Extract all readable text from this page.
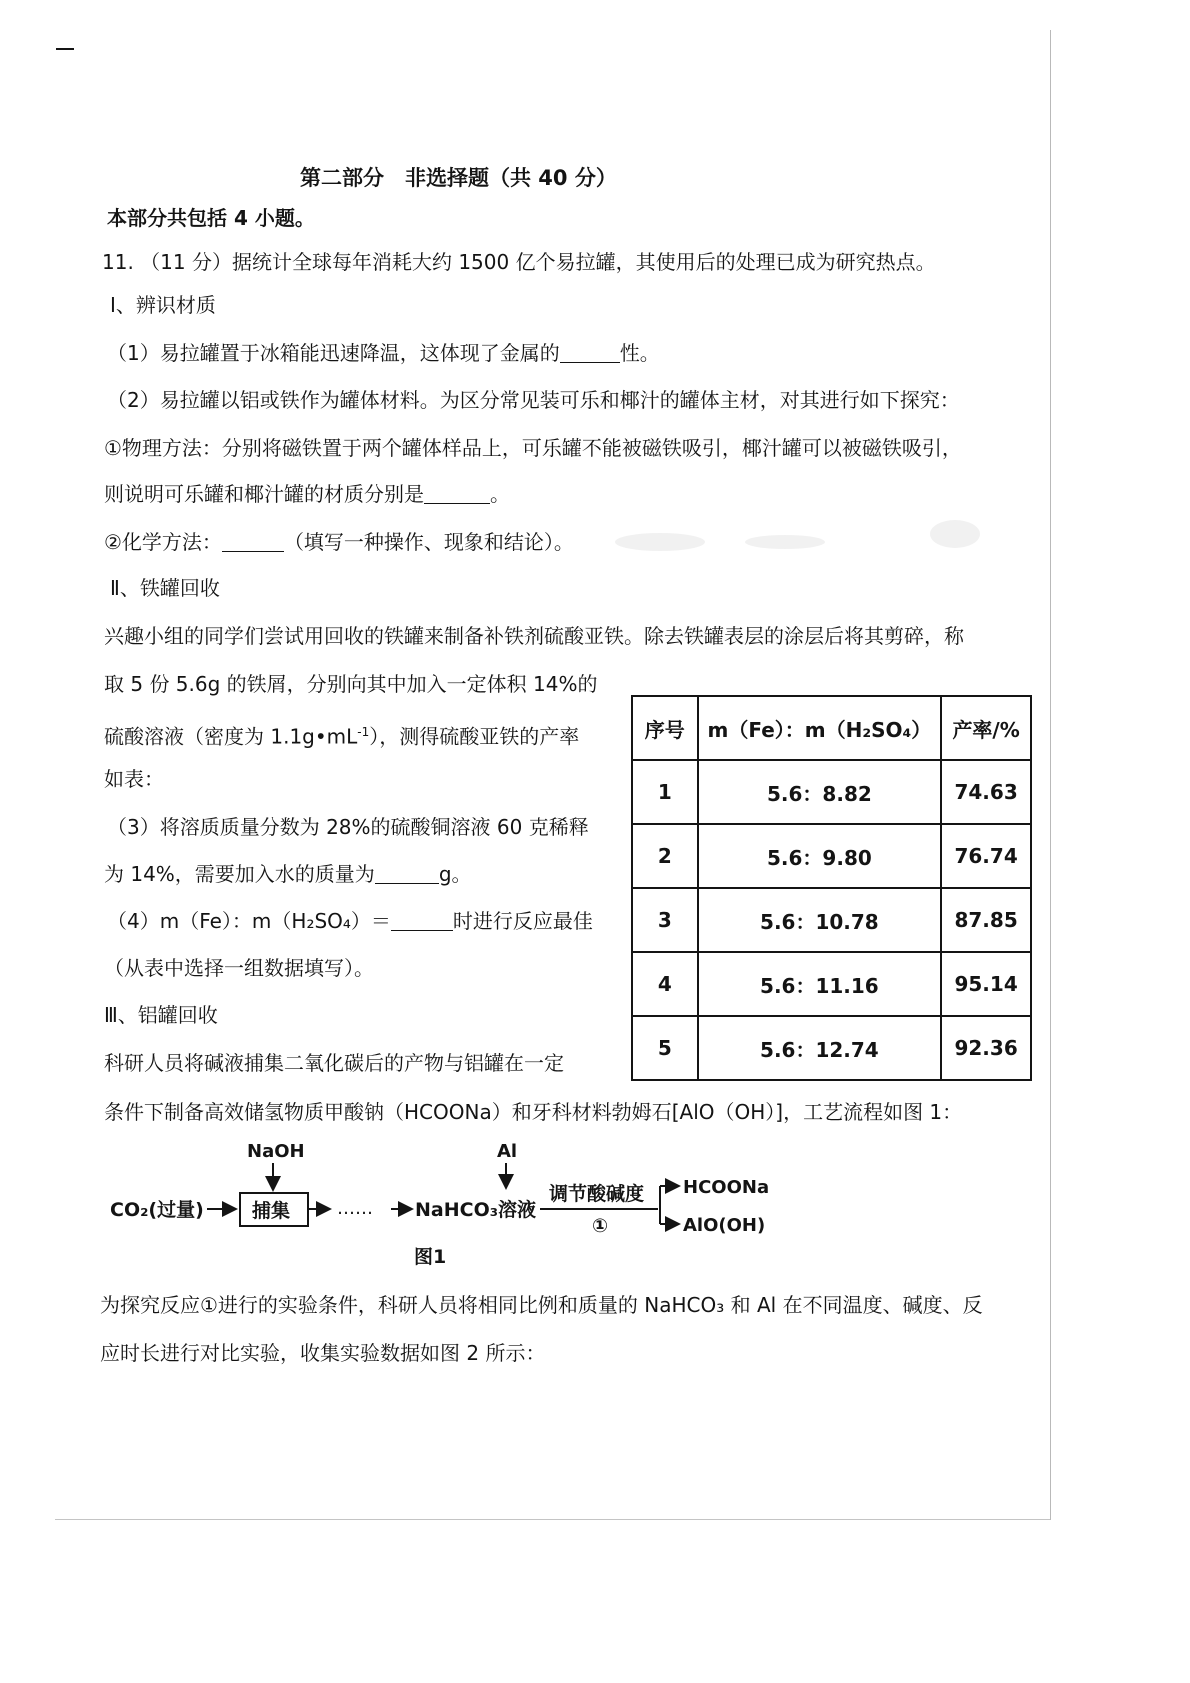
第二部分　非选择题（共 40 分）
本部分共包括 4 小题。
11. （11 分）据统计全球每年消耗大约 1500 亿个易拉罐，其使用后的处理已成为研究热点。
Ⅰ、辨识材质
（1）易拉罐置于冰箱能迅速降温，这体现了金属的	性。
（2）易拉罐以铝或铁作为罐体材料。为区分常见装可乐和椰汁的罐体主材，对其进行如下探究：
①物理方法：分别将磁铁置于两个罐体样品上，可乐罐不能被磁铁吸引，椰汁罐可以被磁铁吸引，
则说明可乐罐和椰汁罐的材质分别是	。
②化学方法：	（填写一种操作、现象和结论）。
Ⅱ、铁罐回收
兴趣小组的同学们尝试用回收的铁罐来制备补铁剂硫酸亚铁。除去铁罐表层的涂层后将其剪碎，称
取 5 份 5.6g 的铁屑，分别向其中加入一定体积 14%的
硫酸溶液（密度为 $1.1g•mL^{-1}$），测得硫酸亚铁的产率
如表：
（3）将溶质质量分数为 28%的硫酸铜溶液 60 克稀释
为 14%，需要加入水的质量为	g。
（4）m（Fe）：m（H₂SO₄）＝	时进行反应最佳
（从表中选择一组数据填写）。
序号	m（Fe）：m（H₂SO₄）	产率/%
1	5.6：8.82	74.63
2	5.6：9.80	76.74
3	5.6：10.78	87.85
4	5.6：11.16	95.14
5	5.6：12.74	92.36
Ⅲ、铝罐回收
科研人员将碱液捕集二氧化碳后的产物与铝罐在一定
条件下制备高效储氢物质甲酸钠（HCOONa）和牙科材料勃姆石[AlO（OH）]，工艺流程如图 1：
CO₂(过量)	捕集
NaOH
…… NaHCO₃溶液
Al
调节酸碱度
①
HCOONa
AlO(OH)
图1
为探究反应①进行的实验条件，科研人员将相同比例和质量的 NaHCO₃ 和 Al 在不同温度、碱度、反
应时长进行对比实验，收集实验数据如图 2 所示：
